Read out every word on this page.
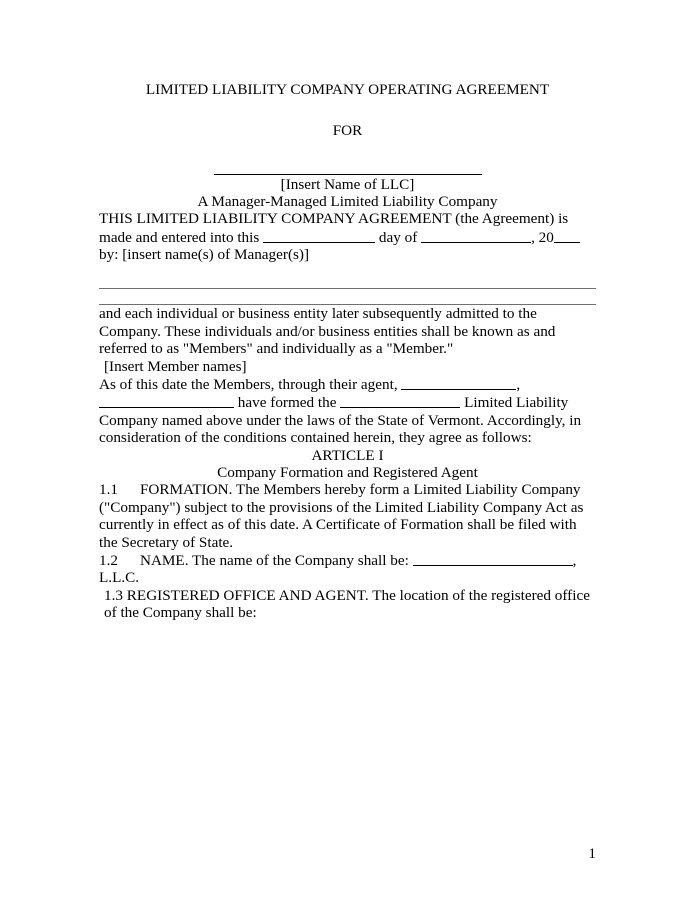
LIMITED LIABILITY COMPANY OPERATING AGREEMENT
FOR
[Insert Name of LLC]
A Manager-Managed Limited Liability Company

THIS LIMITED LIABILITY COMPANY AGREEMENT (the Agreement) is made and entered into this	day of	, 20 by: [insert name(s) of Manager(s)]

and each individual or business entity later subsequently admitted to the Company. These individuals and/or business entities shall be known as and referred to as "Members" and individually as a "Member."

[Insert Member names]

As of this date the Members, through their agent,	,
have formed the	Limited Liability Company named above under the laws of the State of Vermont. Accordingly, in consideration of the conditions contained herein, they agree as follows:

ARTICLE I

Company Formation and Registered Agent

1.1 FORMATION. The Members hereby form a Limited Liability Company ("Company") subject to the provisions of the Limited Liability Company Act as currently in effect as of this date. A Certificate of Formation shall be filed with the Secretary of State.

1.2 NAME. The name of the Company shall be:	,
L.L.C.

1.3 REGISTERED OFFICE AND AGENT. The location of the registered office of the Company shall be:

1
